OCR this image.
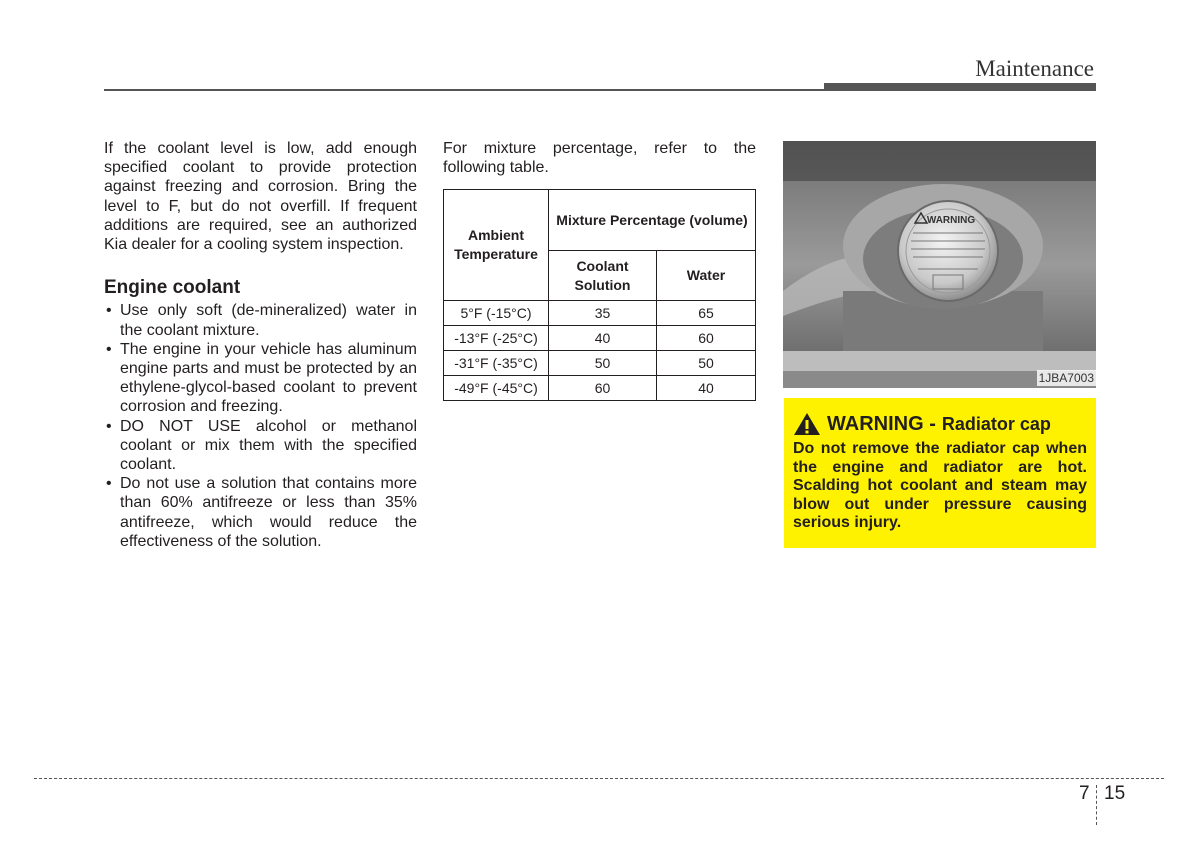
Maintenance

If the coolant level is low, add enough specified coolant to provide protection against freezing and corrosion. Bring the level to F, but do not overfill. If frequent additions are required, see an authorized Kia dealer for a cooling system inspection.

Engine coolant
• Use only soft (de-mineralized) water in the coolant mixture.
• The engine in your vehicle has aluminum engine parts and must be protected by an ethylene-glycol-based coolant to prevent corrosion and freezing.
• DO NOT USE alcohol or methanol coolant or mix them with the specified coolant.
• Do not use a solution that contains more than 60% antifreeze or less than 35% antifreeze, which would reduce the effectiveness of the solution.

For mixture percentage, refer to the following table.

Ambient Temperature	Mixture Percentage (volume)	
	Coolant Solution	Water
5°F (-15°C)	35	65
-13°F (-25°C)	40	60
-31°F (-35°C)	50	50
-49°F (-45°C)	60	40
WARNING
1JBA7003
WARNING - Radiator cap
Do not remove the radiator cap when the engine and radiator are hot. Scalding hot coolant and steam may blow out under pressure causing serious injury.
7 15
